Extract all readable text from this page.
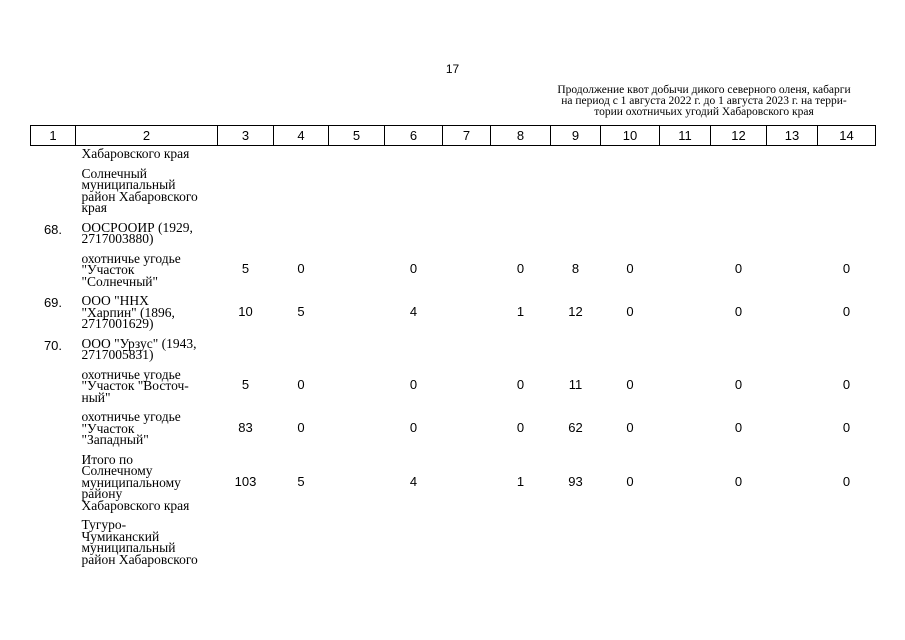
17
Продолжение квот добычи дикого северного оленя, кабарги
на период с 1 августа 2022 г. до 1 августа 2023 г. на терри-
тории охотничьих угодий Хабаровского края
1	2	3	4	5	6	7	8	9	10	11	12	13	14
	Хабаровского края												
	Солнечный
муниципальный
район Хабаровского
края												
68.	ООСРООИР (1929,
2717003880)												
	охотничье угодье
"Участок
"Солнечный"	5	0		0		0	8	0		0		0
69.	ООО "ННХ
"Харпин" (1896,
2717001629)	10	5		4		1	12	0		0		0
70.	ООО "Урзус" (1943,
2717005831)												
	охотничье угодье
"Участок "Восточ-
ный"	5	0		0		0	11	0		0		0
	охотничье угодье
"Участок
"Западный"	83	0		0		0	62	0		0		0
	Итого по
Солнечному
муниципальному
району
Хабаровского края	103	5		4		1	93	0		0		0
	Тугуро-
Чумиканский
муниципальный
район Хабаровского												
